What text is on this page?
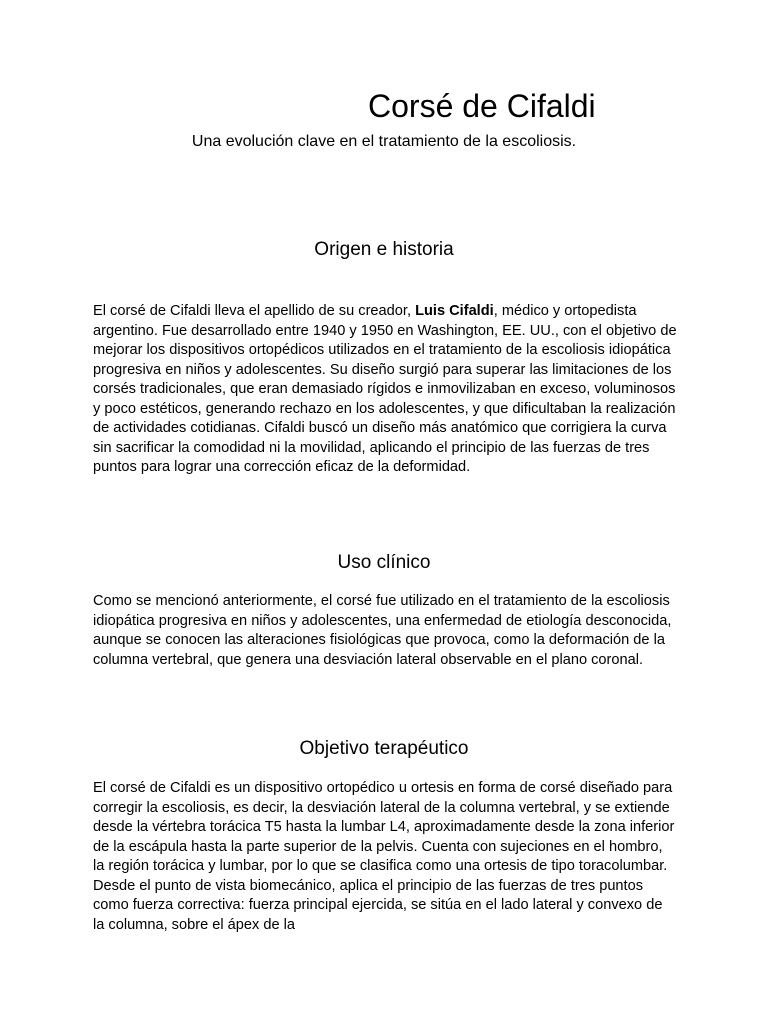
Corsé de Cifaldi

Una evolución clave en el tratamiento de la escoliosis.

Origen e historia

El corsé de Cifaldi lleva el apellido de su creador, Luis Cifaldi, médico y ortopedista argentino. Fue desarrollado entre 1940 y 1950 en Washington, EE. UU., con el objetivo de mejorar los dispositivos ortopédicos utilizados en el tratamiento de la escoliosis idiopática progresiva en niños y adolescentes. Su diseño surgió para superar las limitaciones de los corsés tradicionales, que eran demasiado rígidos e inmovilizaban en exceso, voluminosos y poco estéticos, generando rechazo en los adolescentes, y que dificultaban la realización de actividades cotidianas. Cifaldi buscó un diseño más anatómico que corrigiera la curva sin sacrificar la comodidad ni la movilidad, aplicando el principio de las fuerzas de tres puntos para lograr una corrección eficaz de la deformidad.

Uso clínico

Como se mencionó anteriormente, el corsé fue utilizado en el tratamiento de la escoliosis idiopática progresiva en niños y adolescentes, una enfermedad de etiología desconocida, aunque se conocen las alteraciones fisiológicas que provoca, como la deformación de la columna vertebral, que genera una desviación lateral observable en el plano coronal.

Objetivo terapéutico

El corsé de Cifaldi es un dispositivo ortopédico u ortesis en forma de corsé diseñado para corregir la escoliosis, es decir, la desviación lateral de la columna vertebral, y se extiende desde la vértebra torácica T5 hasta la lumbar L4, aproximadamente desde la zona inferior de la escápula hasta la parte superior de la pelvis. Cuenta con sujeciones en el hombro, la región torácica y lumbar, por lo que se clasifica como una ortesis de tipo toracolumbar. Desde el punto de vista biomecánico, aplica el principio de las fuerzas de tres puntos como fuerza correctiva: fuerza principal ejercida, se sitúa en el lado lateral y convexo de la columna, sobre el ápex de la
